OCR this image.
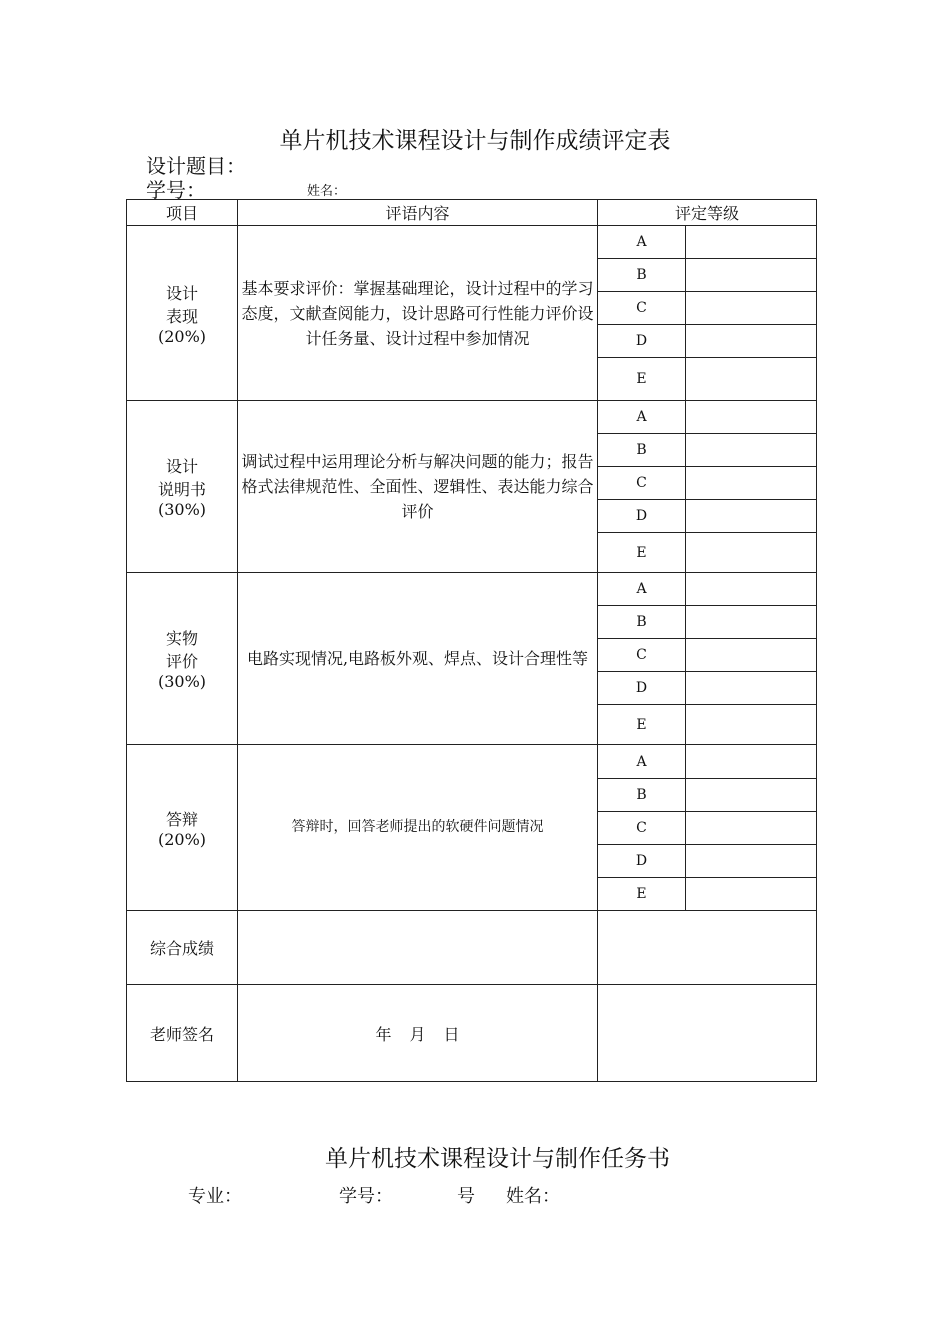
单片机技术课程设计与制作成绩评定表
设计题目：
学号：	姓名：
项目	评语内容	评定等级	

设计
表现
(20%)	基本要求评价：掌握基础理论，设计过程中的学习态度，文献查阅能力，设计思路可行性能力评价设计任务量、设计过程中参加情况	A	
		B	
		C	
		D	
		E	

设计
说明书
(30%)	调试过程中运用理论分析与解决问题的能力；报告格式法律规范性、全面性、逻辑性、表达能力综合评价	A	
		B	
		C	
		D	
		E	

实物
评价
(30%)	电路实现情况,电路板外观、焊点、设计合理性等	A	
		B	
		C	
		D	
		E	

答辩
(20%)	答辩时，回答老师提出的软硬件问题情况	A	
		B	
		C	
		D	
		E	
综合成绩			
老师签名	年 月 日		
单片机技术课程设计与制作任务书
专业：	学号：	号 姓名：
